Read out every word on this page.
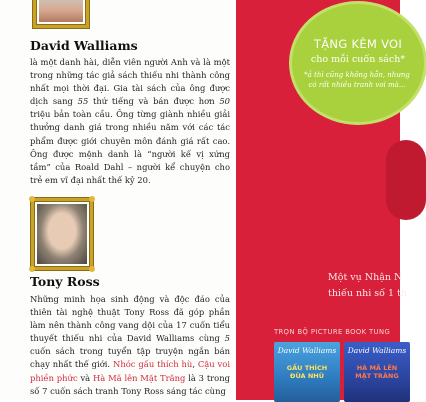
David Walliams

là một danh hài, diễn viên người Anh và là một trong những tác giả sách thiếu nhi thành công nhất mọi thời đại. Gia tài sách của ông được dịch sang 55 thứ tiếng và bán được hơn 50 triệu bản toàn cầu. Ông từng giành nhiều giải thưởng danh giá trong nhiều năm với các tác phẩm được giới chuyên môn đánh giá rất cao. Ông được mệnh danh là “người kế vị xứng tầm” của Roald Dahl – người kể chuyện cho trẻ em vĩ đại nhất thế kỷ 20.

Tony Ross

Những minh họa sinh động và độc đáo của thiên tài nghệ thuật Tony Ross đã góp phần làm nên thành công vang dội của 17 cuốn tiểu thuyết thiếu nhi của David Walliams cùng 5 cuốn sách trong tuyển tập truyện ngắn bán chạy nhất thế giới. Nhóc gấu thích hù, Cậu voi phiền phức và Hà Mã lên Mặt Trăng là 3 trong số 7 cuốn sách tranh Tony Ross sáng tác cùng

TẶNG KÈM VOI
cho mỗi cuốn sách*
*ả thì cũng không hẳn, nhưng có rất nhiều tranh voi mà...
Một vụ Nhận N
thiếu nhi số 1 th
TRỌN BỘ PICTURE BOOK TUNG
David Walliams
GẤU THÍCH
ĐÙA NHÙ
David Walliams
HÀ MÃ LÊN
MẶT TRĂNG
